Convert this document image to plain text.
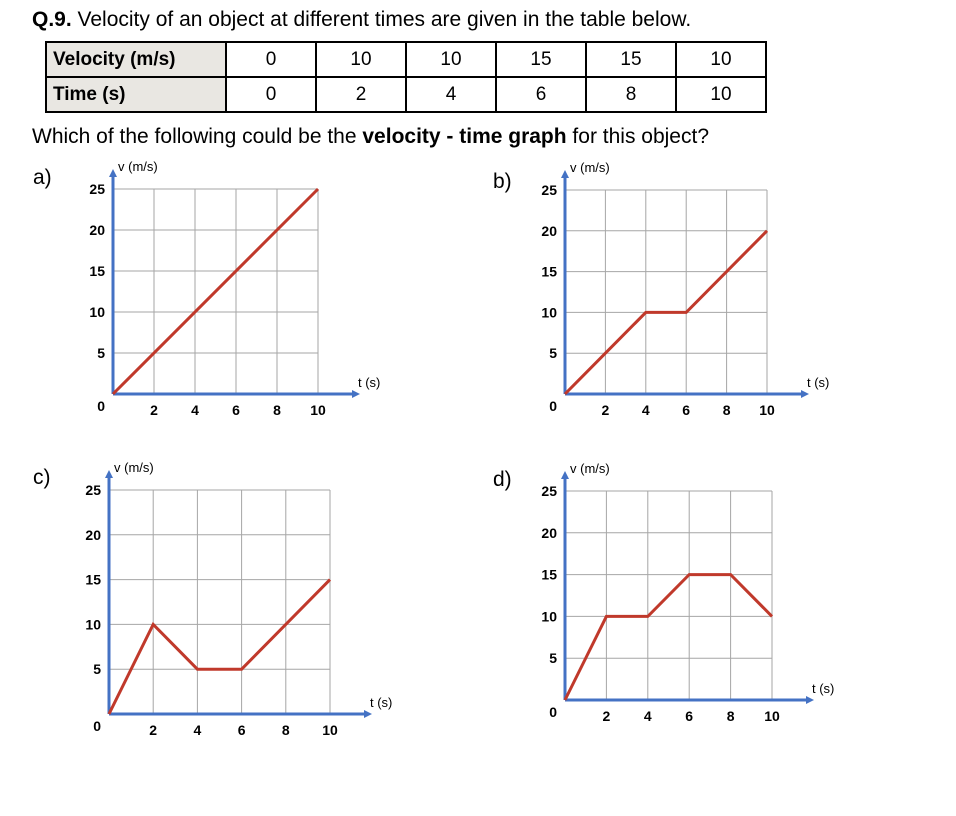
Q.9. Velocity of an object at different times are given in the table below.
Velocity (m/s)	0	10	10	15	15	10
Time (s)	0	2	4	6	8	10
Which of the following could be the velocity - time graph for this object?
a)	b)
c)	d)
5
10
15
20
25
2 4 6 8 10
0
v (m/s)
t (s)
5
10
15
20
25
2 4 6 8 10
0
v (m/s)
t (s)
5
10
15
20
25
2	4	6	8 10
0
v (m/s)
t (s)
5
10
15
20
25
2 4 6 8 10
0
v (m/s)
t (s)
